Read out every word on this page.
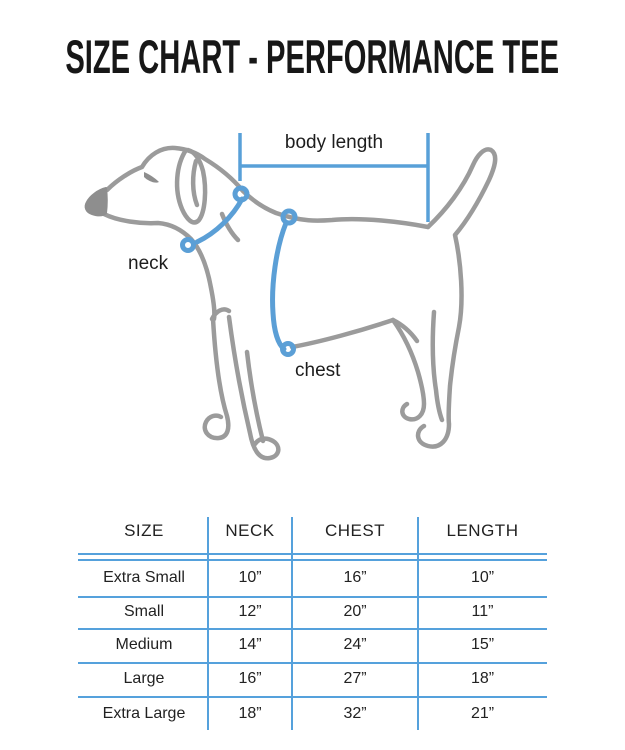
SIZE CHART - PERFORMANCE TEE
body length
neck
chest
SIZE	NECK	CHEST	LENGTH
Extra Small	10”	16”	10”
Small	12”	20”	11”
Medium	14”	24”	15”
Large	16”	27”	18”
Extra Large	18”	32”	21”
